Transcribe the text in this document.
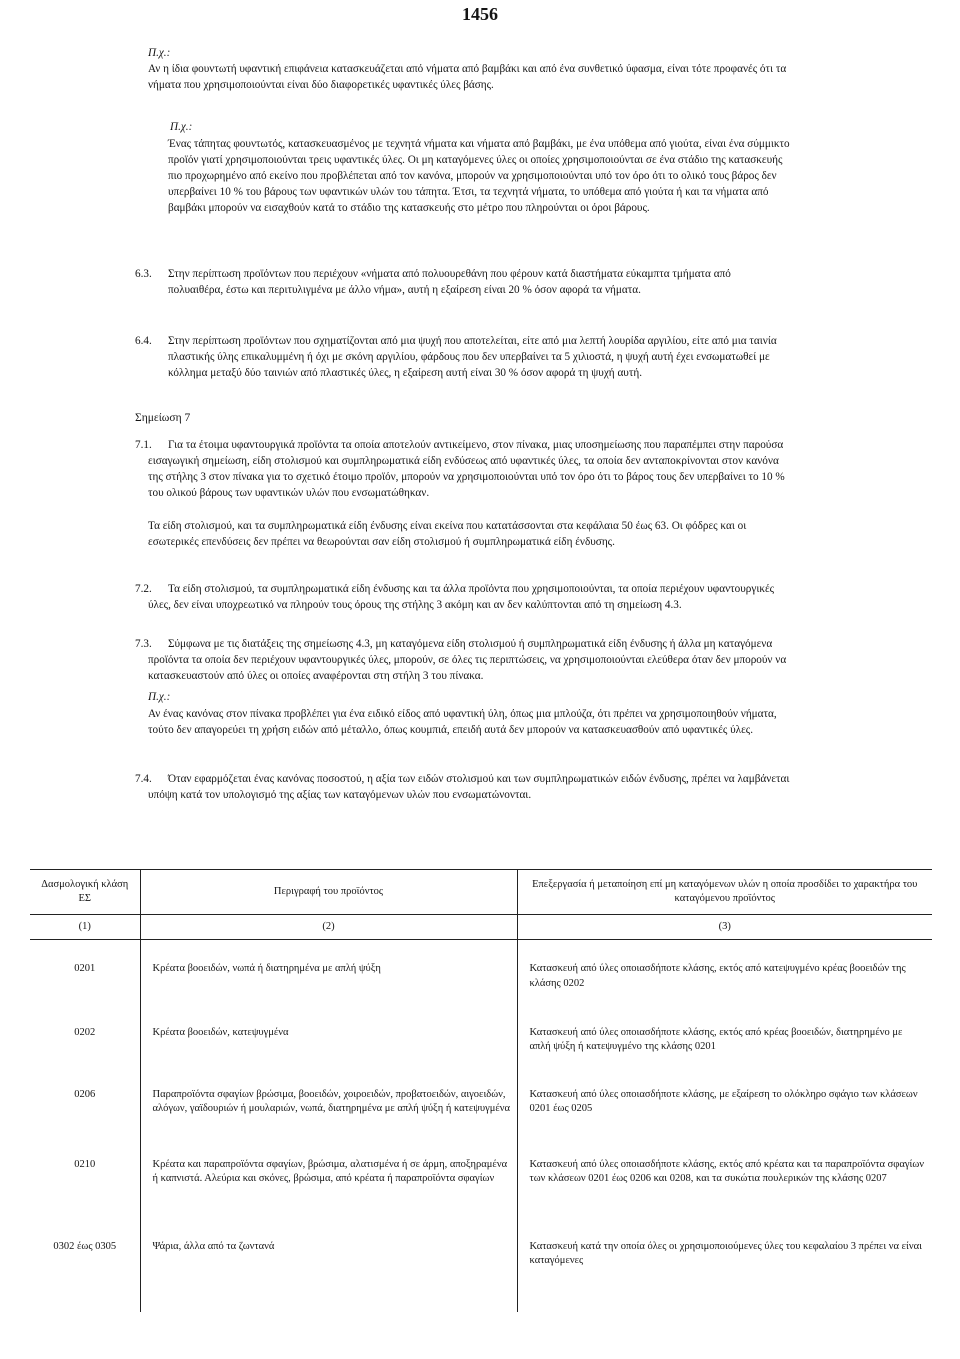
1456
Π.χ.:
Αν η ίδια φουντωτή υφαντική επιφάνεια κατασκευάζεται από νήματα από βαμβάκι και από ένα συνθετικό ύφασμα, είναι τότε προφανές ότι τα νήματα που χρησιμοποιούνται είναι δύο διαφορετικές υφαντικές ύλες βάσης.
Π.χ.:
Ένας τάπητας φουντωτός, κατασκευασμένος με τεχνητά νήματα και νήματα από βαμβάκι, με ένα υπόθεμα από γιούτα, είναι ένα σύμμικτο προϊόν γιατί χρησιμοποιούνται τρεις υφαντικές ύλες. Οι μη καταγόμενες ύλες οι οποίες χρησιμοποιούνται σε ένα στάδιο της κατασκευής πιο προχωρημένο από εκείνο που προβλέπεται από τον κανόνα, μπορούν να χρησιμοποιούνται υπό τον όρο ότι το ολικό τους βάρος δεν υπερβαίνει 10 % του βάρους των υφαντικών υλών του τάπητα. Έτσι, τα τεχνητά νήματα, το υπόθεμα από γιούτα ή και τα νήματα από βαμβάκι μπορούν να εισαχθούν κατά το στάδιο της κατασκευής στο μέτρο που πληρούνται οι όροι βάρους.
6.3. Στην περίπτωση προϊόντων που περιέχουν «νήματα από πολυουρεθάνη που φέρουν κατά διαστήματα εύκαμπτα τμήματα από πολυαιθέρα, έστω και περιτυλιγμένα με άλλο νήμα», αυτή η εξαίρεση είναι 20 % όσον αφορά τα νήματα.
6.4. Στην περίπτωση προϊόντων που σχηματίζονται από μια ψυχή που αποτελείται, είτε από μια λεπτή λουρίδα αργιλίου, είτε από μια ταινία πλαστικής ύλης επικαλυμμένη ή όχι με σκόνη αργιλίου, φάρδους που δεν υπερβαίνει τα 5 χιλιοστά, η ψυχή αυτή έχει ενσωματωθεί με κόλλημα μεταξύ δύο ταινιών από πλαστικές ύλες, η εξαίρεση αυτή είναι 30 % όσον αφορά τη ψυχή αυτή.
Σημείωση 7
7.1.	Για τα έτοιμα υφαντουργικά προϊόντα τα οποία αποτελούν αντικείμενο, στον πίνακα, μιας υποσημείωσης που παραπέμπει στην παρούσα εισαγωγική σημείωση, είδη στολισμού και συμπληρωματικά είδη ενδύσεως από υφαντικές ύλες, τα οποία δεν ανταποκρίνονται στον κανόνα της στήλης 3 στον πίνακα για το σχετικό έτοιμο προϊόν, μπορούν να χρησιμοποιούνται υπό τον όρο ότι το βάρος τους δεν υπερβαίνει το 10 % του ολικού βάρους των υφαντικών υλών που ενσωματώθηκαν.
Τα είδη στολισμού, και τα συμπληρωματικά είδη ένδυσης είναι εκείνα που κατατάσσονται στα κεφάλαια 50 έως 63. Οι φόδρες και οι εσωτερικές επενδύσεις δεν πρέπει να θεωρούνται σαν είδη στολισμού ή συμπληρωματικά είδη ένδυσης.
7.2.	Τα είδη στολισμού, τα συμπληρωματικά είδη ένδυσης και τα άλλα προϊόντα που χρησιμοποιούνται, τα οποία περιέχουν υφαντουργικές ύλες, δεν είναι υποχρεωτικό να πληρούν τους όρους της στήλης 3 ακόμη και αν δεν καλύπτονται από τη σημείωση 4.3.
7.3.	Σύμφωνα με τις διατάξεις της σημείωσης 4.3, μη καταγόμενα είδη στολισμού ή συμπληρωματικά είδη ένδυσης ή άλλα μη καταγόμενα προϊόντα τα οποία δεν περιέχουν υφαντουργικές ύλες, μπορούν, σε όλες τις περιπτώσεις, να χρησιμοποιούνται ελεύθερα όταν δεν μπορούν να κατασκευαστούν από ύλες οι οποίες αναφέρονται στη στήλη 3 του πίνακα.
Π.χ.:
Αν ένας κανόνας στον πίνακα προβλέπει για ένα ειδικό είδος από υφαντική ύλη, όπως μια μπλούζα, ότι πρέπει να χρησιμοποιηθούν νήματα, τούτο δεν απαγορεύει τη χρήση ειδών από μέταλλο, όπως κουμπιά, επειδή αυτά δεν μπορούν να κατασκευασθούν από υφαντικές ύλες.
7.4.	Όταν εφαρμόζεται ένας κανόνας ποσοστού, η αξία των ειδών στολισμού και των συμπληρωματικών ειδών ένδυσης, πρέπει να λαμβάνεται υπόψη κατά τον υπολογισμό της αξίας των καταγόμενων υλών που ενσωματώνονται.
Δασμολογική κλάση ΕΣ	Περιγραφή του προϊόντος	Επεξεργασία ή μεταποίηση επί μη καταγόμενων υλών η οποία προσδίδει το χαρακτήρα του καταγόμενου προϊόντος
(1)	(2)	(3)
0201	Κρέατα βοοειδών, νωπά ή διατηρημένα με απλή ψύξη	Κατασκευή από ύλες οποιασδήποτε κλάσης, εκτός από κατεψυγμένο κρέας βοοειδών της κλάσης 0202
0202	Κρέατα βοοειδών, κατεψυγμένα	Κατασκευή από ύλες οποιασδήποτε κλάσης, εκτός από κρέας βοοειδών, διατηρημένο με απλή ψύξη ή κατεψυγμένο της κλάσης 0201
0206	Παραπροϊόντα σφαγίων βρώσιμα, βοοειδών, χοιροειδών, προβατοειδών, αιγοειδών, αλόγων, γαϊδουριών ή μουλαριών, νωπά, διατηρημένα με απλή ψύξη ή κατεψυγμένα	Κατασκευή από ύλες οποιασδήποτε κλάσης, με εξαίρεση το ολόκληρο σφάγιο των κλάσεων 0201 έως 0205
0210	Κρέατα και παραπροϊόντα σφαγίων, βρώσιμα, αλατισμένα ή σε άρμη, αποξηραμένα ή καπνιστά. Αλεύρια και σκόνες, βρώσιμα, από κρέατα ή παραπροϊόντα σφαγίων	Κατασκευή από ύλες οποιασδήποτε κλάσης, εκτός από κρέατα και τα παραπροϊόντα σφαγίων των κλάσεων 0201 έως 0206 και 0208, και τα συκώτια πουλερικών της κλάσης 0207
0302 έως 0305	Ψάρια, άλλα από τα ζωντανά	Κατασκευή κατά την οποία όλες οι χρησιμοποιούμενες ύλες του κεφαλαίου 3 πρέπει να είναι καταγόμενες
